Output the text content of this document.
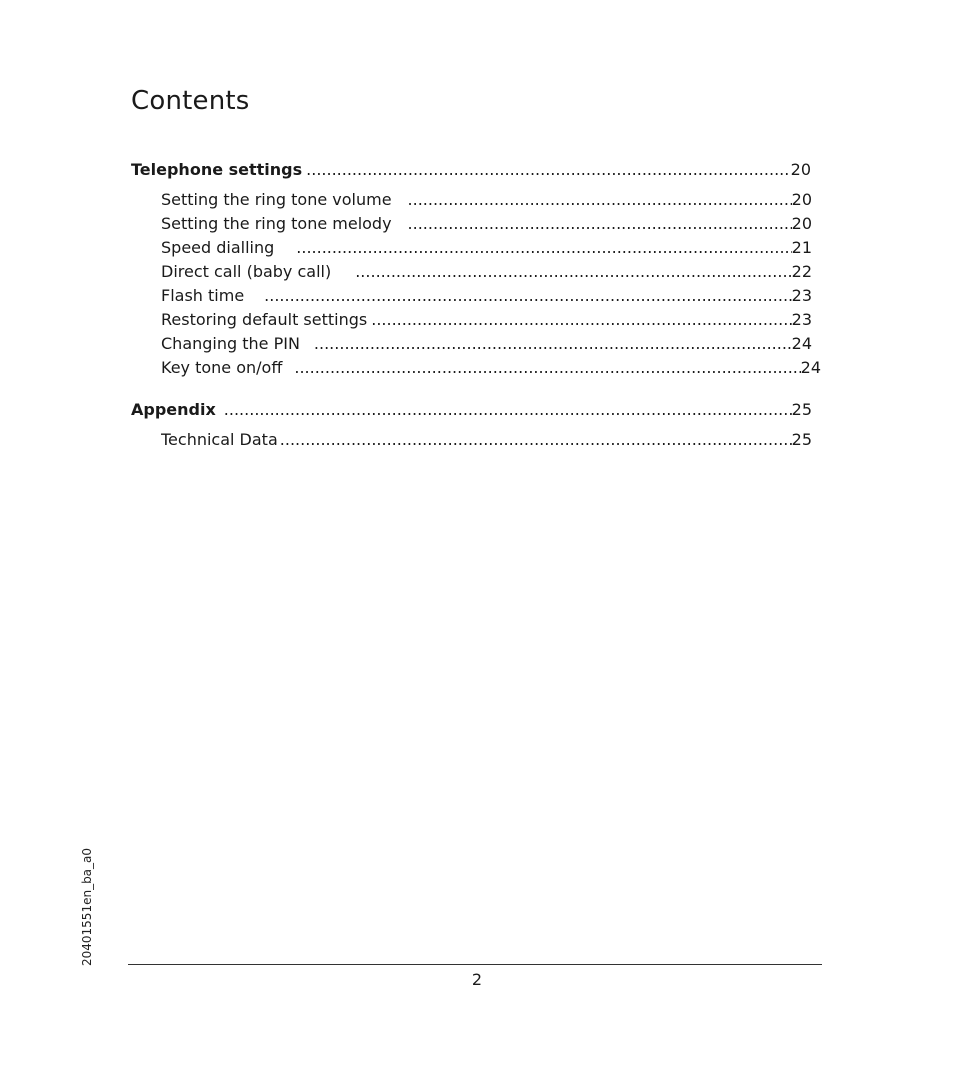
Contents
Telephone settings .....	20
Setting the ring tone volume .....	20
Setting the ring tone melody .....	20
Speed dialling .....	21
Direct call (baby call) .....	22
Flash time .....	23
Restoring default settings .....	23
Changing the PIN .....	24
Key tone on/off .....	24
Appendix .....	25
Technical Data .....	25
20401551en_ba_a0
2
